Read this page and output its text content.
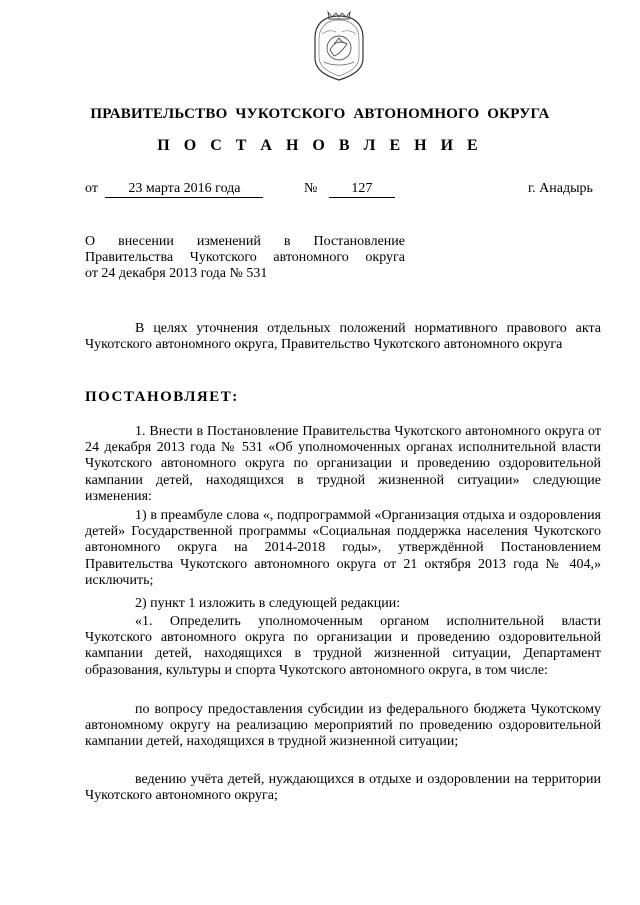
ПРАВИТЕЛЬСТВО ЧУКОТСКОГО АВТОНОМНОГО ОКРУГА
П О С Т А Н О В Л Е Н И Е
от 23 марта 2016 года	№ 127	г. Анадырь
О внесении изменений в Постановление
Правительства Чукотского автономного округа
от 24 декабря 2013 года № 531
В целях уточнения отдельных положений нормативного правового акта Чукотского автономного округа, Правительство Чукотского автономного округа
ПОСТАНОВЛЯЕТ:
1. Внести в Постановление Правительства Чукотского автономного округа от 24 декабря 2013 года № 531 «Об уполномоченных органах исполнительной власти Чукотского автономного округа по организации и проведению оздоровительной кампании детей, находящихся в трудной жизненной ситуации» следующие изменения:
1) в преамбуле слова «, подпрограммой «Организация отдыха и оздоровления детей» Государственной программы «Социальная поддержка населения Чукотского автономного округа на 2014-2018 годы», утверждённой Постановлением Правительства Чукотского автономного округа от 21 октября 2013 года № 404,» исключить;
2) пункт 1 изложить в следующей редакции:
«1. Определить уполномоченным органом исполнительной власти Чукотского автономного округа по организации и проведению оздоровительной кампании детей, находящихся в трудной жизненной ситуации, Департамент образования, культуры и спорта Чукотского автономного округа, в том числе:
по вопросу предоставления субсидии из федерального бюджета Чукотскому автономному округу на реализацию мероприятий по проведению оздоровительной кампании детей, находящихся в трудной жизненной ситуации;
ведению учёта детей, нуждающихся в отдыхе и оздоровлении на территории Чукотского автономного округа;
